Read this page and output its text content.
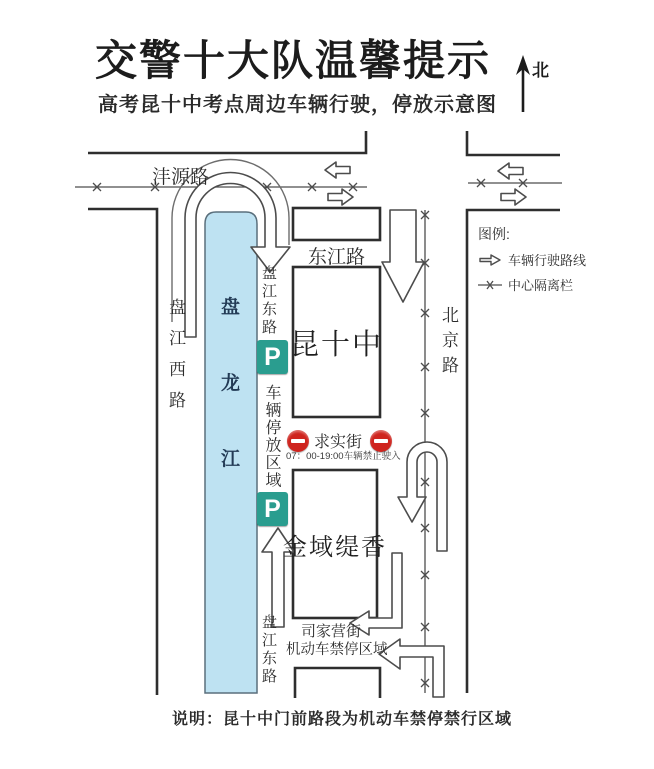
交警十大队温馨提示
高考昆十中考点周边车辆行驶，停放示意图
北
沣源路
东江路
盘江东路
盘江西路	北京路
求实街
司家营街
盘江东路
盘
龙
江
昆十中
金域缇香
P
车辆停放区域
P
07：00-19:00车辆禁止驶入
机动车禁停区域
图例:
车辆行驶路线
中心隔离栏
说明：昆十中门前路段为机动车禁停禁行区域
